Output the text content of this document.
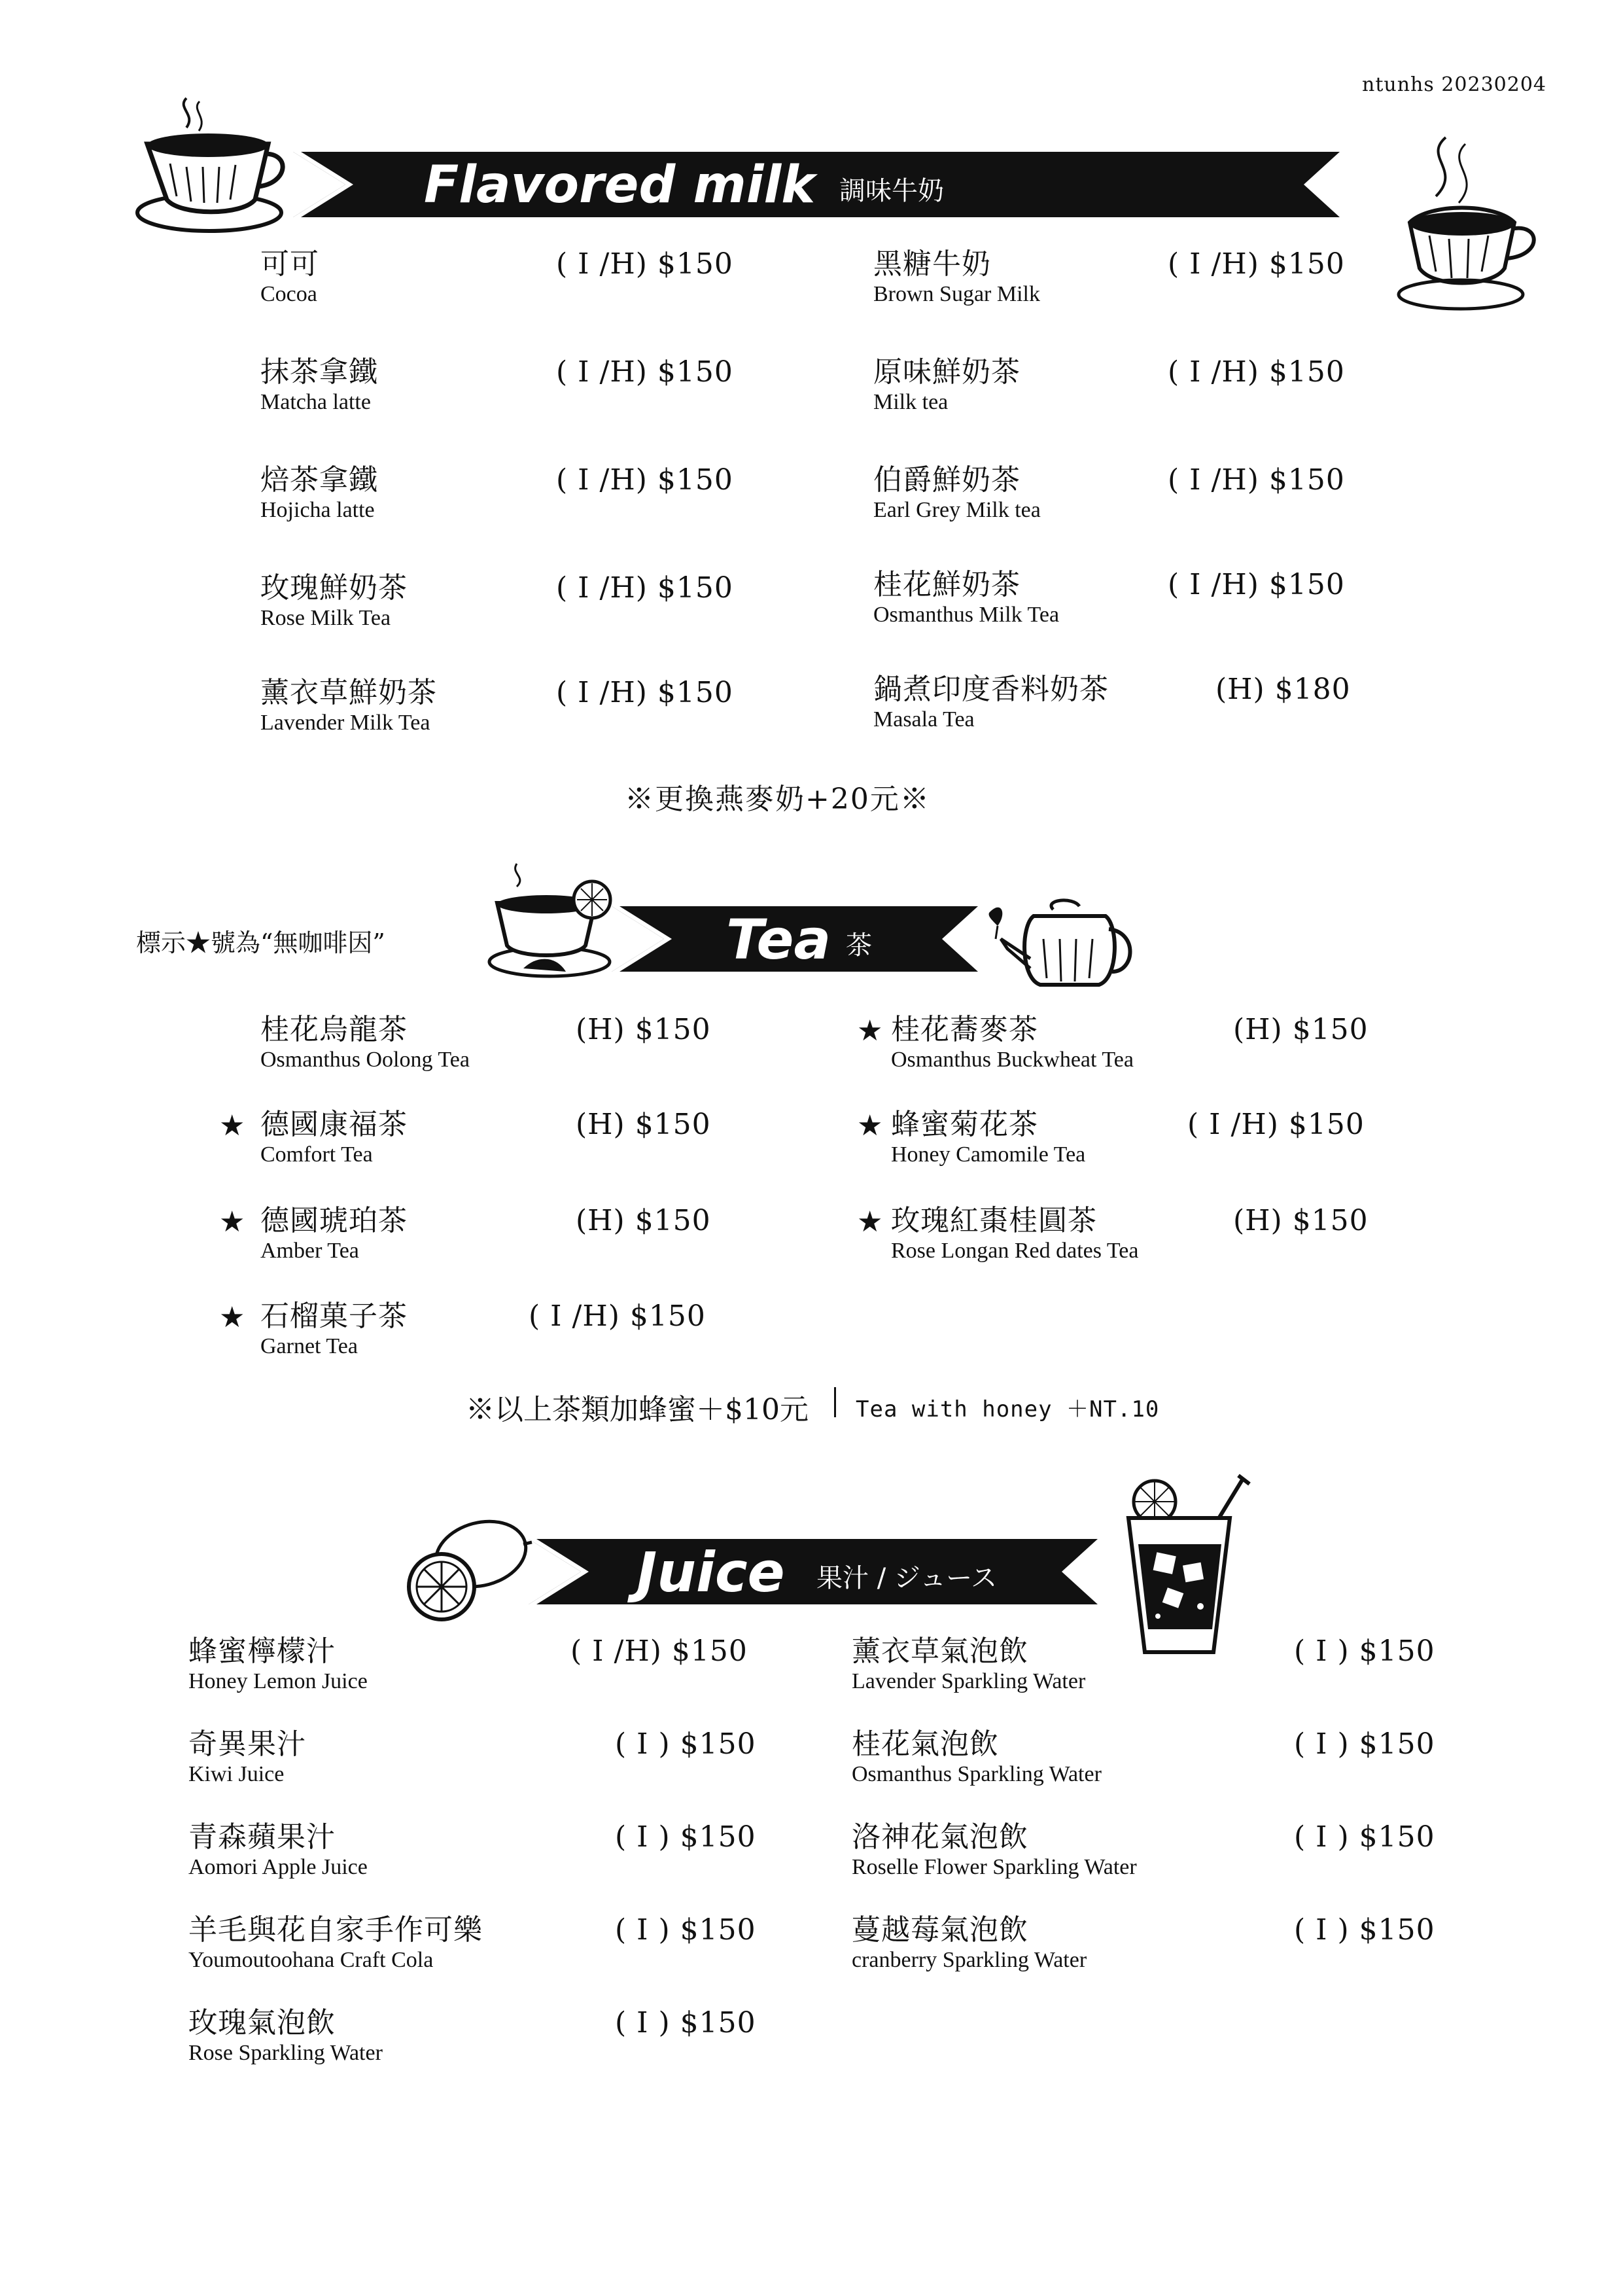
ntunhs 20230204
Flavored milk 調味牛奶
可可
Cocoa
( I /H) $150
抹茶拿鐵
Matcha latte
( I /H) $150
焙茶拿鐵
Hojicha latte
( I /H) $150
玫瑰鮮奶茶
Rose Milk Tea
( I /H) $150
薰衣草鮮奶茶
Lavender Milk Tea
( I /H) $150
黑糖牛奶
Brown Sugar Milk
( I /H) $150
原味鮮奶茶
Milk tea
( I /H) $150
伯爵鮮奶茶
Earl Grey Milk tea
( I /H) $150
桂花鮮奶茶
Osmanthus Milk Tea
( I /H) $150
鍋煮印度香料奶茶
Masala Tea
(H) $180
※更換燕麥奶+20元※
標示★號為“無咖啡因”	Tea 茶
桂花烏龍茶
Osmanthus Oolong Tea
(H) $150
★ 德國康福茶
Comfort Tea
(H) $150
★ 德國琥珀茶
Amber Tea
(H) $150
★ 石榴菓子茶
Garnet Tea
( I /H) $150
★ 桂花蕎麥茶
Osmanthus Buckwheat Tea
(H) $150
★ 蜂蜜菊花茶
Honey Camomile Tea
( I /H) $150
★ 玫瑰紅棗桂圓茶
Rose Longan Red dates Tea
(H) $150
※以上茶類加蜂蜜＋$10元 Tea with honey ＋NT.10
Juice 果汁 / ジュース
蜂蜜檸檬汁
Honey Lemon Juice
( I /H) $150
奇異果汁
Kiwi Juice
( I ) $150
青森蘋果汁
Aomori Apple Juice
( I ) $150
羊毛與花自家手作可樂
Youmoutoohana Craft Cola
( I ) $150
玫瑰氣泡飲
Rose Sparkling Water
( I ) $150
薰衣草氣泡飲
Lavender Sparkling Water
( I ) $150
桂花氣泡飲
Osmanthus Sparkling Water
( I ) $150
洛神花氣泡飲
Roselle Flower Sparkling Water
( I ) $150
蔓越莓氣泡飲
cranberry Sparkling Water
( I ) $150
